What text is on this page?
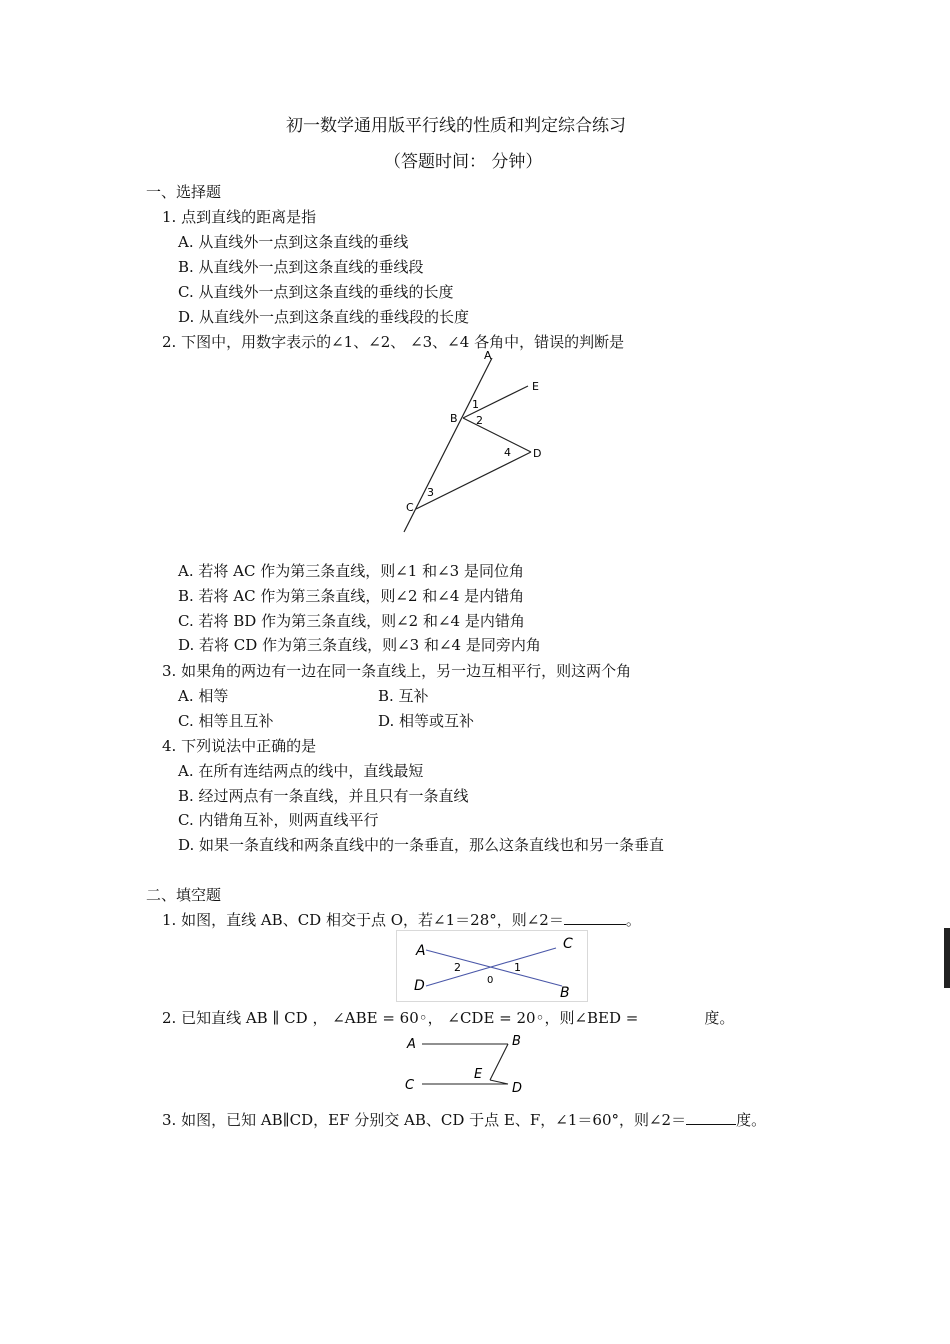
初一数学通用版平行线的性质和判定综合练习
（答题时间： 分钟）
一、选择题
1. 点到直线的距离是指
A. 从直线外一点到这条直线的垂线
B. 从直线外一点到这条直线的垂线段
C. 从直线外一点到这条直线的垂线的长度
D. 从直线外一点到这条直线的垂线段的长度
2. 下图中，用数字表示的∠1、∠2、 ∠3、∠4 各角中，错误的判断是
A
E
B
D
C
1
2
4
3
A. 若将 AC 作为第三条直线，则∠1 和∠3 是同位角
B. 若将 AC 作为第三条直线，则∠2 和∠4 是内错角
C. 若将 BD 作为第三条直线，则∠2 和∠4 是内错角
D. 若将 CD 作为第三条直线，则∠3 和∠4 是同旁内角
3. 如果角的两边有一边在同一条直线上，另一边互相平行，则这两个角
A. 相等	B. 互补
C. 相等且互补	D. 相等或互补
4. 下列说法中正确的是
A. 在所有连结两点的线中，直线最短
B. 经过两点有一条直线，并且只有一条直线
C. 内错角互补，则两直线平行
D. 如果一条直线和两条直线中的一条垂直，那么这条直线也和另一条垂直
二、填空题
1. 如图，直线 AB、CD 相交于点 O，若∠1＝28°，则∠2＝	。
A	C
D	B
2	1
0
2. 已知直线 AB ∥ CD ， ∠ABE = 60◦， ∠CDE = 20◦，则∠BED =	度。
A	B
E
C	D
3. 如图，已知 AB∥CD，EF 分别交 AB、CD 于点 E、F，∠1＝60°，则∠2＝	度。
